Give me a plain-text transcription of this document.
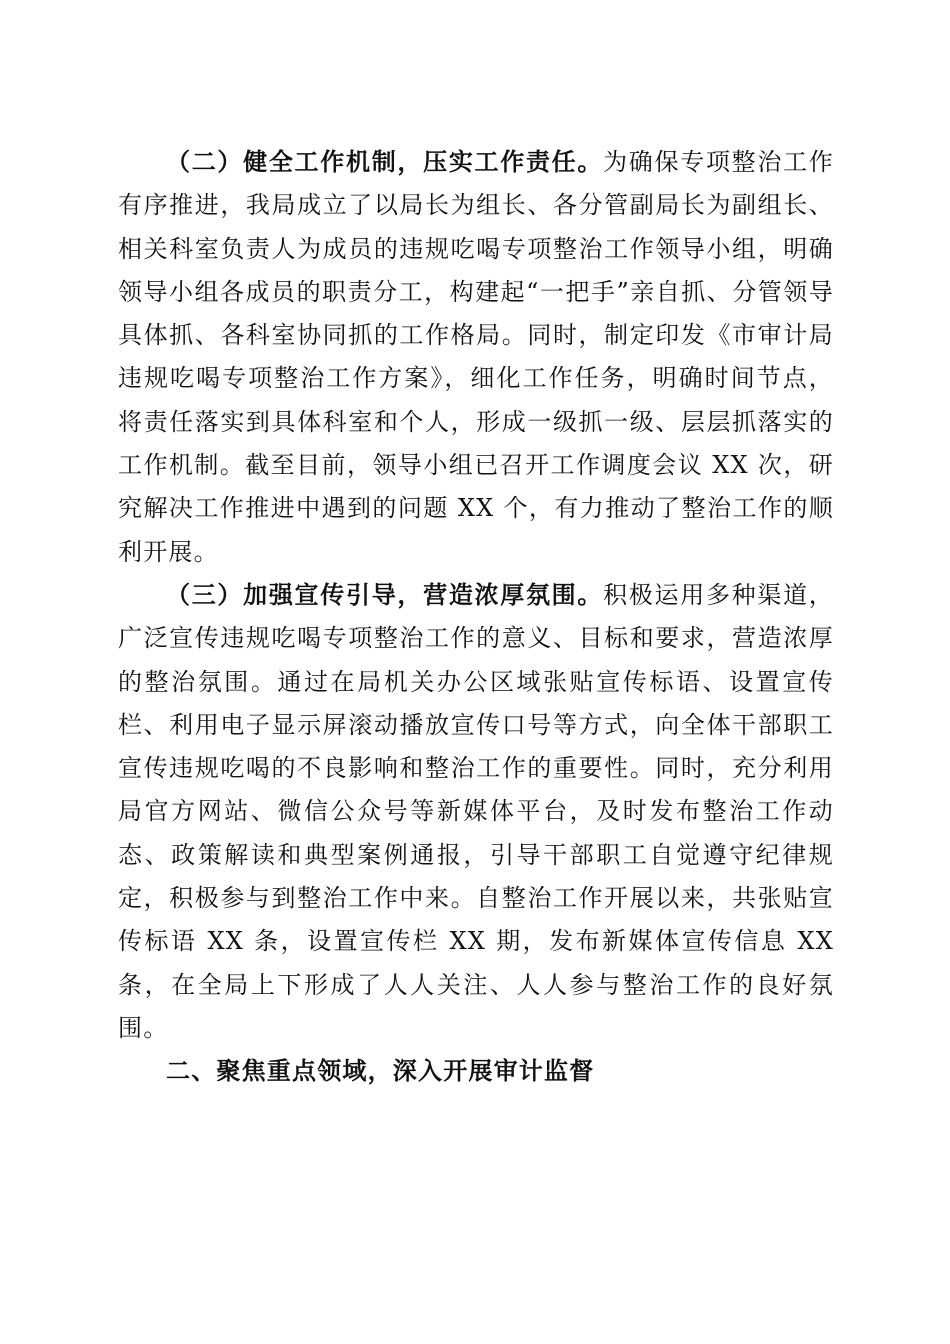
（二）健全工作机制，压实工作责任。为确保专项整治工作有序推进，我局成立了以局长为组长、各分管副局长为副组长、相关科室负责人为成员的违规吃喝专项整治工作领导小组，明确领导小组各成员的职责分工，构建起“一把手”亲自抓、分管领导具体抓、各科室协同抓的工作格局。同时，制定印发《市审计局违规吃喝专项整治工作方案》，细化工作任务，明确时间节点，将责任落实到具体科室和个人，形成一级抓一级、层层抓落实的工作机制。截至目前，领导小组已召开工作调度会议 XX 次，研究解决工作推进中遇到的问题 XX 个，有力推动了整治工作的顺利开展。

（三）加强宣传引导，营造浓厚氛围。积极运用多种渠道，广泛宣传违规吃喝专项整治工作的意义、目标和要求，营造浓厚的整治氛围。通过在局机关办公区域张贴宣传标语、设置宣传栏、利用电子显示屏滚动播放宣传口号等方式，向全体干部职工宣传违规吃喝的不良影响和整治工作的重要性。同时，充分利用局官方网站、微信公众号等新媒体平台，及时发布整治工作动态、政策解读和典型案例通报，引导干部职工自觉遵守纪律规定，积极参与到整治工作中来。自整治工作开展以来，共张贴宣传标语 XX 条，设置宣传栏 XX 期，发布新媒体宣传信息 XX 条，在全局上下形成了人人关注、人人参与整治工作的良好氛围。

二、聚焦重点领域，深入开展审计监督
